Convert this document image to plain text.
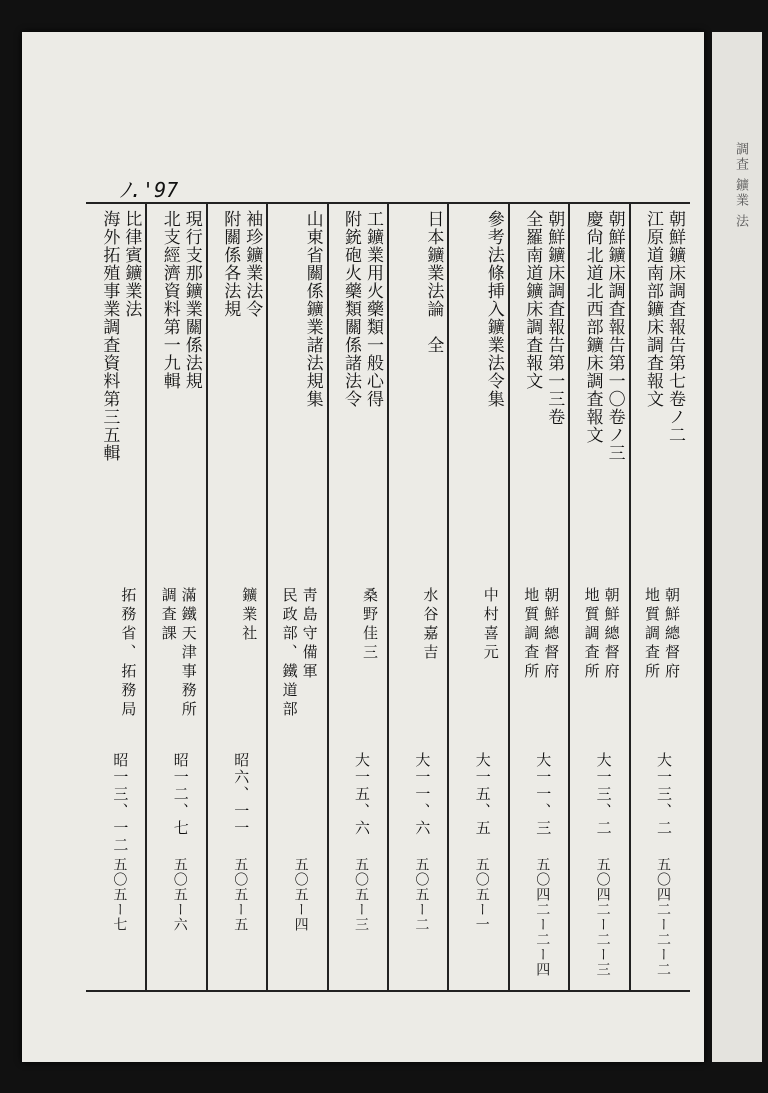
ﾉ.'97
朝鮮鑛床調査報告第七卷ノ二
江原道南部鑛床調査報文
朝鮮總督府
地質調査所
大一三、二
五〇四二ー二ー二
朝鮮鑛床調査報告第一〇卷ノ三
慶尙北道北西部鑛床調査報文
朝鮮總督府
地質調査所
大一三、二
五〇四二ー二ー三
朝鮮鑛床調査報告第一三卷
全羅南道鑛床調査報文
朝鮮總督府
地質調査所
大一一、三
五〇四二ー二ー四
參考法條挿入鑛業法令集
中村喜元
大一五、五
五〇五ー一
日本鑛業法論　全
水谷嘉吉
大一一、六
五〇五ー二
工鑛業用火藥類一般心得
附銃砲火藥類關係諸法令
桑野佳三
大一五、六
五〇五ー三
山東省關係鑛業諸法規集
靑島守備軍
民政部、鐵道部
五〇五ー四
袖珍鑛業法令
附關係各法規
鑛業社
昭六、一一
五〇五ー五
現行支那鑛業關係法規
北支經濟資料第一九輯
滿鐵天津事務所
調査課
昭一二、七
五〇五ー六
比律賓鑛業法
海外拓殖事業調査資料第三五輯
拓務省、拓務局
昭一三、一二
五〇五ー七
調査 鑛業 法
